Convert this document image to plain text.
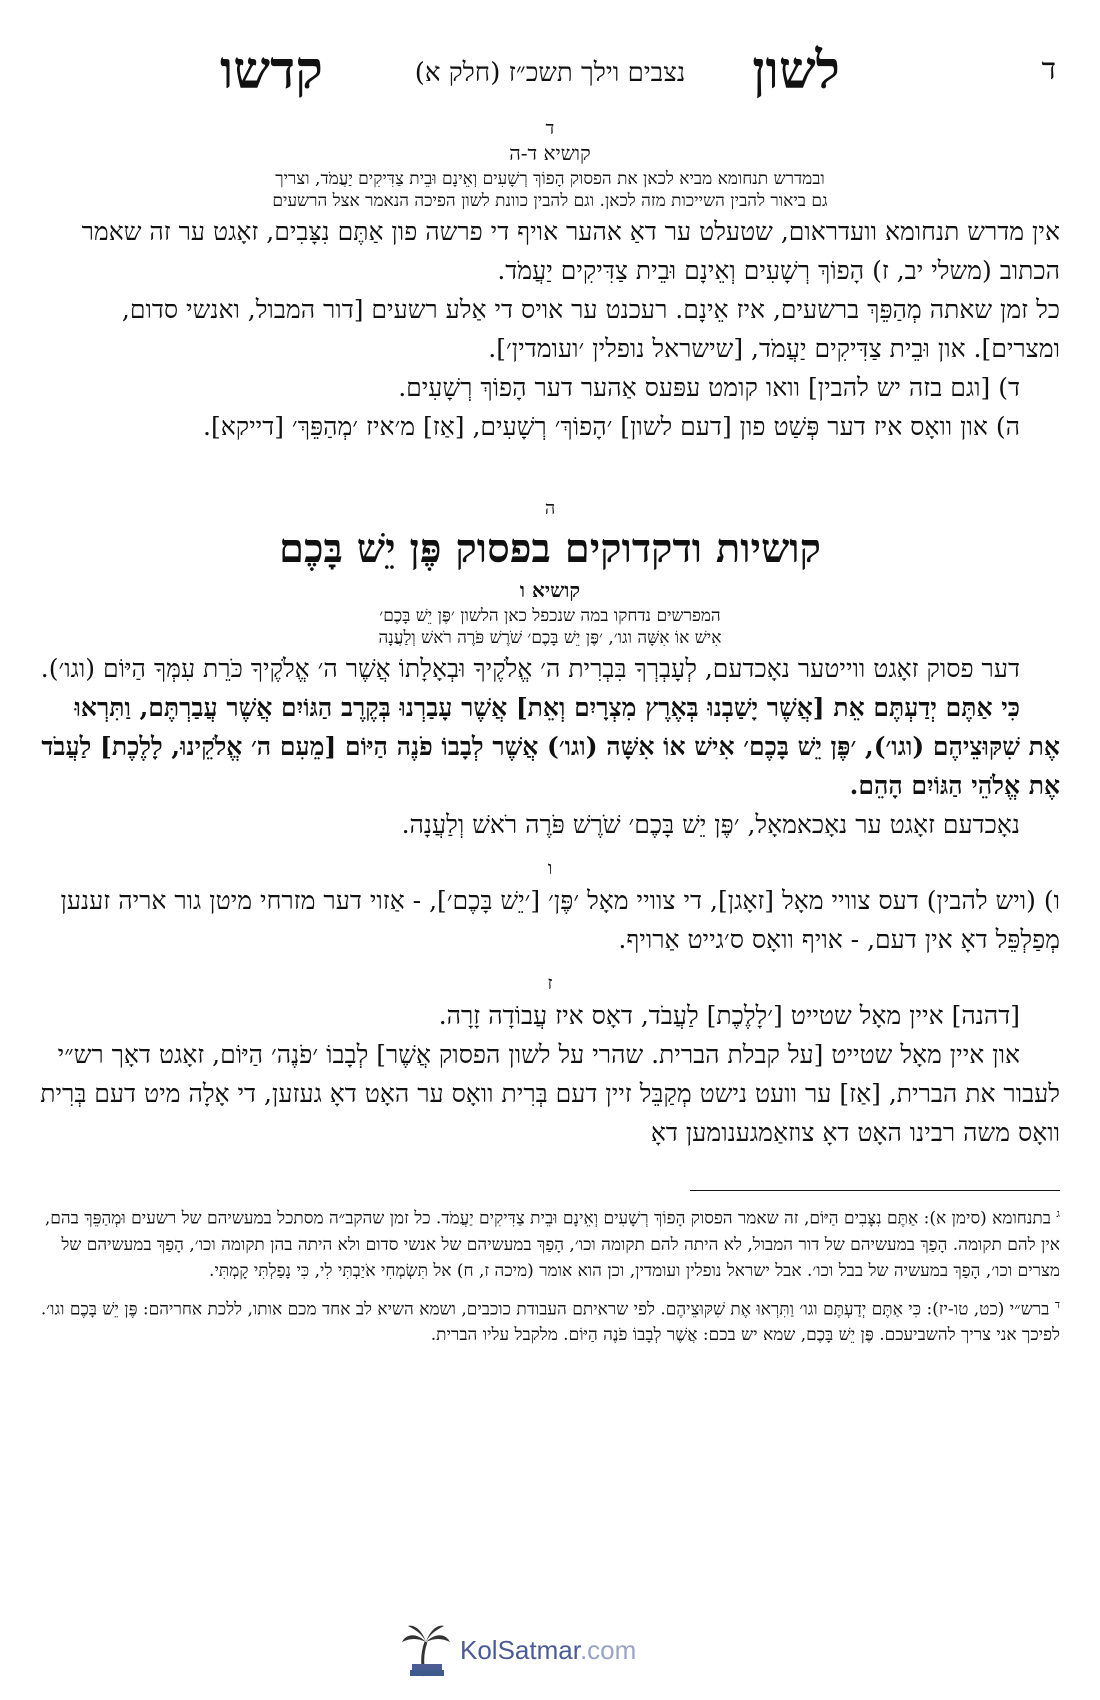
ד
לשון
נצבים וילך תשכ״ז (חלק א)
קדשו
ד
קושיא ד-ה
ובמדרש תנחומא מביא לכאן את הפסוק הָפוֹךְ רְשָׁעִים וְאֵינָם וּבֵית צַדִּיקִים יַעֲמֹד, וצריך
גם ביאור להבין השייכות מזה לכאן. וגם להבין כוונת לשון הפיכה הנאמר אצל הרשעים

אין מדרש תנחומא וועדראום, שטעלט ער דאַ אהער אויף די פרשה פון אַתֶּם נִצָּבִים, זאָגט ער זה שאמר הכתוב (משלי יב, ז) הָפוֹךְ רְשָׁעִים וְאֵינָם וּבֵית צַדִּיקִים יַעֲמֹד.

כל זמן שאתה מְהַפֵּךְ ברשעים, איז אֵינָם. רעכנט ער אויס די אַלע רשעים [דור המבול, ואנשי סדום, ומצרים]. און וּבֵית צַדִּיקִים יַעֲמֹד, [שישראל נופלין ׳ועומדין׳].

ד) [וגם בזה יש להבין] וואו קומט עפּעס אַהער דער הָפוֹךְ רְשָׁעִים.

ה) און וואָס איז דער פְּשַׁט פון [דעם לשון] ׳הָפוֹךְ׳ רְשָׁעִים, [אַז] מ׳איז ׳מְהַפֵּךְ׳ [דייקא].

ה
קושיות ודקדוקים בפסוק פֶּן יֵשׁ בָּכֶם
קושיא ו
המפרשים נדחקו במה שנכפל כאן הלשון ׳פֶּן יֵשׁ בָּכֶם׳
אִישׁ אוֹ אִשָּׁה וגו׳, ׳פֶּן יֵשׁ בָּכֶם׳ שֹׁרֶשׁ פֹּרֶה רֹאשׁ וְלַעֲנָה

דער פסוק זאָגט ווייטער נאָכדעם, לְעָבְרְךָ בִּבְרִית ה׳ אֱלֹקֶיךָ וּבְאָלָתוֹ אֲשֶׁר ה׳ אֱלֹקֶיךָ כֹּרֵת עִמְּךָ הַיּוֹם (וגו׳).

כִּי אַתֶּם יְדַעְתֶּם אֵת [אֲשֶׁר יָשַׁבְנוּ בְּאֶרֶץ מִצְרָיִם וְאֵת] אֲשֶׁר עָבַרְנוּ בְּקֶרֶב הַגּוֹיִם אֲשֶׁר עֲבַרְתֶּם, וַתִּרְאוּ אֶת שִׁקּוּצֵיהֶם (וגו׳), ׳פֶּן יֵשׁ בָּכֶם׳ אִישׁ אוֹ אִשָּׁה (וגו׳) אֲשֶׁר לְבָבוֹ פֹנֶה הַיּוֹם [מֵעִם ה׳ אֱלֹקֵינוּ, לָלֶכֶת] לַעֲבֹד אֶת אֱלֹהֵי הַגּוֹיִם הָהֵם.

נאָכדעם זאָגט ער נאָכאמאָל, ׳פֶּן יֵשׁ בָּכֶם׳ שֹׁרֶשׁ פֹּרֶה רֹאשׁ וְלַעֲנָה.

ו

ו) (ויש להבין) דעס צוויי מאָל [זאָגן], די צוויי מאָל ׳פֶּן׳ [׳יֵשׁ בָּכֶם׳], - אַזוי דער מזרחי מיטן גור אריה זענען מְפַלְפֵּל דאָ אין דעם, - אויף וואָס ס׳גייט אַרויף.

ז

[דהנה] איין מאָל שטייט [׳לָלֶכֶת] לַעֲבֹד, דאָס איז עֲבוֹדָה זָרָה.

און איין מאָל שטייט [על קבלת הברית. שהרי על לשון הפסוק אֲשֶׁר] לְבָבוֹ ׳פֹנֶה׳ הַיּוֹם, זאָגט דאָך רש״י לעבור את הברית, [אַז] ער וועט נישט מְקַבֵּל זיין דעם בְּרִית וואָס ער האָט דאָ געזען, די אָלָה מיט דעם בְּרִית וואָס משה רבינו האָט דאָ צוזאַמגענומען דאָ

$^ג$ בתנחומא (סימן א): אַתֶּם נִצָּבִים הַיּוֹם, זה שאמר הפסוק הָפוֹךְ רְשָׁעִים וְאֵינָם וּבֵית צַדִּיקִים יַעֲמֹד. כל זמן שהקב״ה מסתכל במעשיהם של רשעים וּמְהַפֵּךְ בהם, אין להם תקומה. הָפַךְ במעשיהם של דור המבול, לא היתה להם תקומה וכו׳, הָפַךְ במעשיהם של אנשי סדום ולא היתה בהן תקומה וכו׳, הָפַךְ במעשיהם של מצרים וכו׳, הָפַךְ במעשיה של בבל וכו׳. אבל ישראל נופלין ועומדין, וכן הוא אומר (מיכה ז, ח) אל תִּשְׂמְחִי אֹיַבְתִּי לִי, כִּי נָפַלְתִּי קָמְתִּי.

$^ד$ ברש״י (כט, טו-יז): כִּי אַתֶּם יְדַעְתֶּם וגו׳ וַתִּרְאוּ אֶת שִׁקּוּצֵיהֶם. לפי שראיתם העבודת כוכבים, ושמא השיא לב אחד מכם אותו, ללכת אחריהם: פֶּן יֵשׁ בָּכֶם וגו׳. לפיכך אני צריך להשביעכם. פֶּן יֵשׁ בָּכֶם, שמא יש בכם: אֲשֶׁר לְבָבוֹ פֹנֶה הַיּוֹם. מלקבל עליו הברית.

KolSatmar.com
